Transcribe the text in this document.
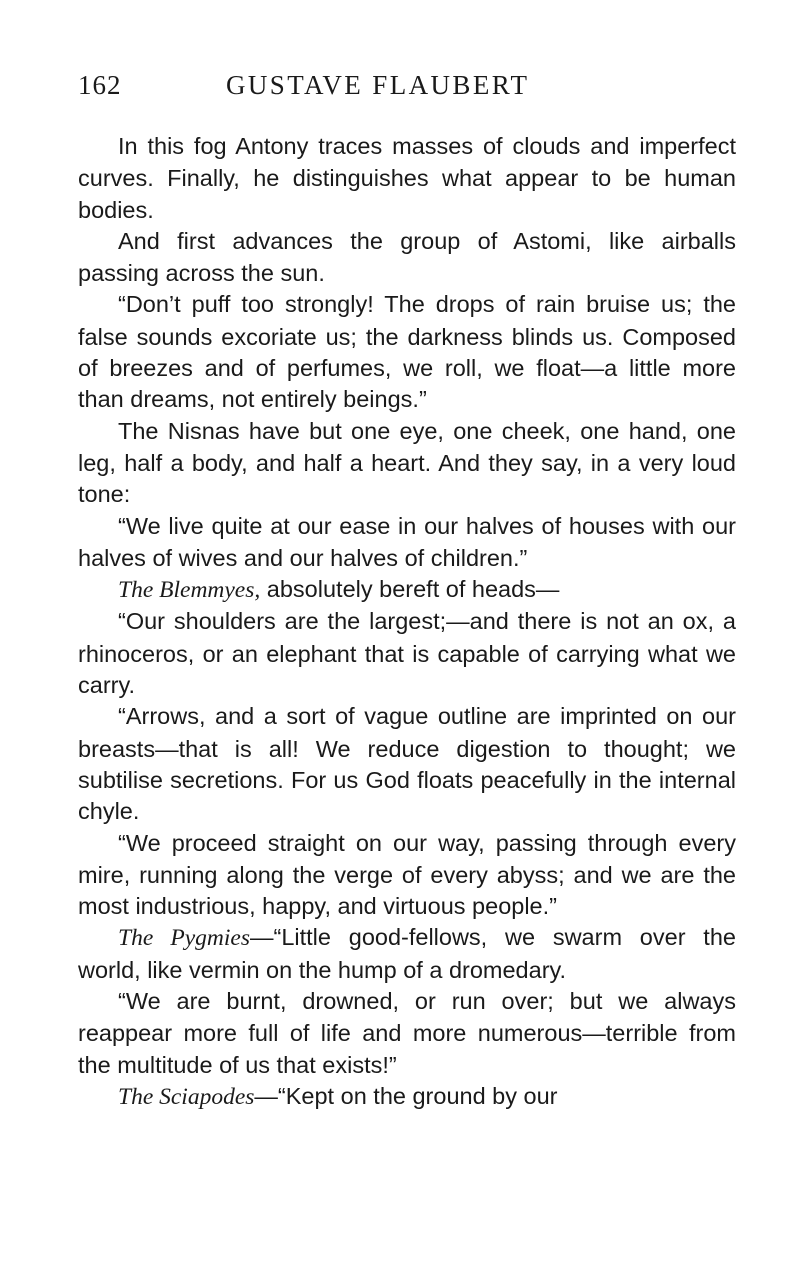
162	GUSTAVE FLAUBERT

In this fog Antony traces masses of clouds and imperfect curves. Finally, he distinguishes what appear to be human bodies.

And first advances the group of Astomi, like airballs passing across the sun.

“Don’t puff too strongly! The drops of rain bruise us; the false sounds excoriate us; the darkness blinds us. Composed of breezes and of perfumes, we roll, we float—a little more than dreams, not entirely beings.”

The Nisnas have but one eye, one cheek, one hand, one leg, half a body, and half a heart. And they say, in a very loud tone:

“We live quite at our ease in our halves of houses with our halves of wives and our halves of children.”

The Blemmyes, absolutely bereft of heads—

“Our shoulders are the largest;—and there is not an ox, a rhinoceros, or an elephant that is capable of carrying what we carry.

“Arrows, and a sort of vague outline are imprinted on our breasts—that is all! We reduce digestion to thought; we subtilise secretions. For us God floats peacefully in the internal chyle.

“We proceed straight on our way, passing through every mire, running along the verge of every abyss; and we are the most industrious, happy, and virtuous people.”

The Pygmies—“Little good-fellows, we swarm over the world, like vermin on the hump of a dromedary.

“We are burnt, drowned, or run over; but we always reappear more full of life and more numerous—terrible from the multitude of us that exists!”

The Sciapodes—“Kept on the ground by our
